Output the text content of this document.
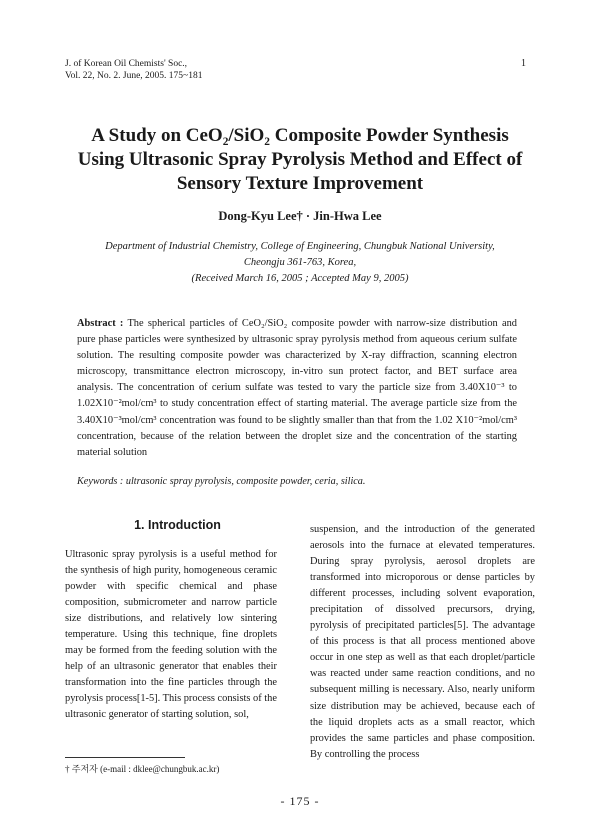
J. of Korean Oil Chemists' Soc.,
Vol. 22, No. 2. June, 2005. 175~181
1
A Study on CeO₂/SiO₂ Composite Powder Synthesis
Using Ultrasonic Spray Pyrolysis Method and Effect of
Sensory Texture Improvement
Dong-Kyu Lee† · Jin-Hwa Lee
Department of Industrial Chemistry, College of Engineering, Chungbuk National University,
Cheongju 361-763, Korea,
(Received March 16, 2005 ; Accepted May 9, 2005)
Abstract : The spherical particles of CeO₂/SiO₂ composite powder with narrow-size distribution and pure phase particles were synthesized by ultrasonic spray pyrolysis method from aqueous cerium sulfate solution. The resulting composite powder was characterized by X-ray diffraction, scanning electron microscopy, transmittance electron microscopy, in-vitro sun protect factor, and BET surface area analysis. The concentration of cerium sulfate was tested to vary the particle size from 3.40X10⁻³ to 1.02X10⁻²mol/cm³ to study concentration effect of starting material. The average particle size from the 3.40X10⁻³mol/cm³ concentration was found to be slightly smaller than that from the 1.02 X10⁻²mol/cm³ concentration, because of the relation between the droplet size and the concentration of the starting material solution
Keywords : ultrasonic spray pyrolysis, composite powder, ceria, silica.
1. Introduction
Ultrasonic spray pyrolysis is a useful method for the synthesis of high purity, homogeneous ceramic powder with specific chemical and phase composition, submicrometer and narrow particle size distributions, and relatively low sintering temperature. Using this technique, fine droplets may be formed from the feeding solution with the help of an ultrasonic generator that enables their transformation into the fine particles through the pyrolysis process[1-5]. This process consists of the ultrasonic generator of starting solution, sol,
suspension, and the introduction of the generated aerosols into the furnace at elevated temperatures. During spray pyrolysis, aerosol droplets are transformed into microporous or dense particles by different processes, including solvent evaporation, precipitation of dissolved precursors, drying, pyrolysis of precipitated particles[5]. The advantage of this process is that all process mentioned above occur in one step as well as that each droplet/particle was reacted under same reaction conditions, and no subsequent milling is necessary. Also, nearly uniform size distribution may be achieved, because each of the liquid droplets acts as a small reactor, which provides the same particles and phase composition. By controlling the process
† 주저자 (e-mail : dklee@chungbuk.ac.kr)
- 175 -
